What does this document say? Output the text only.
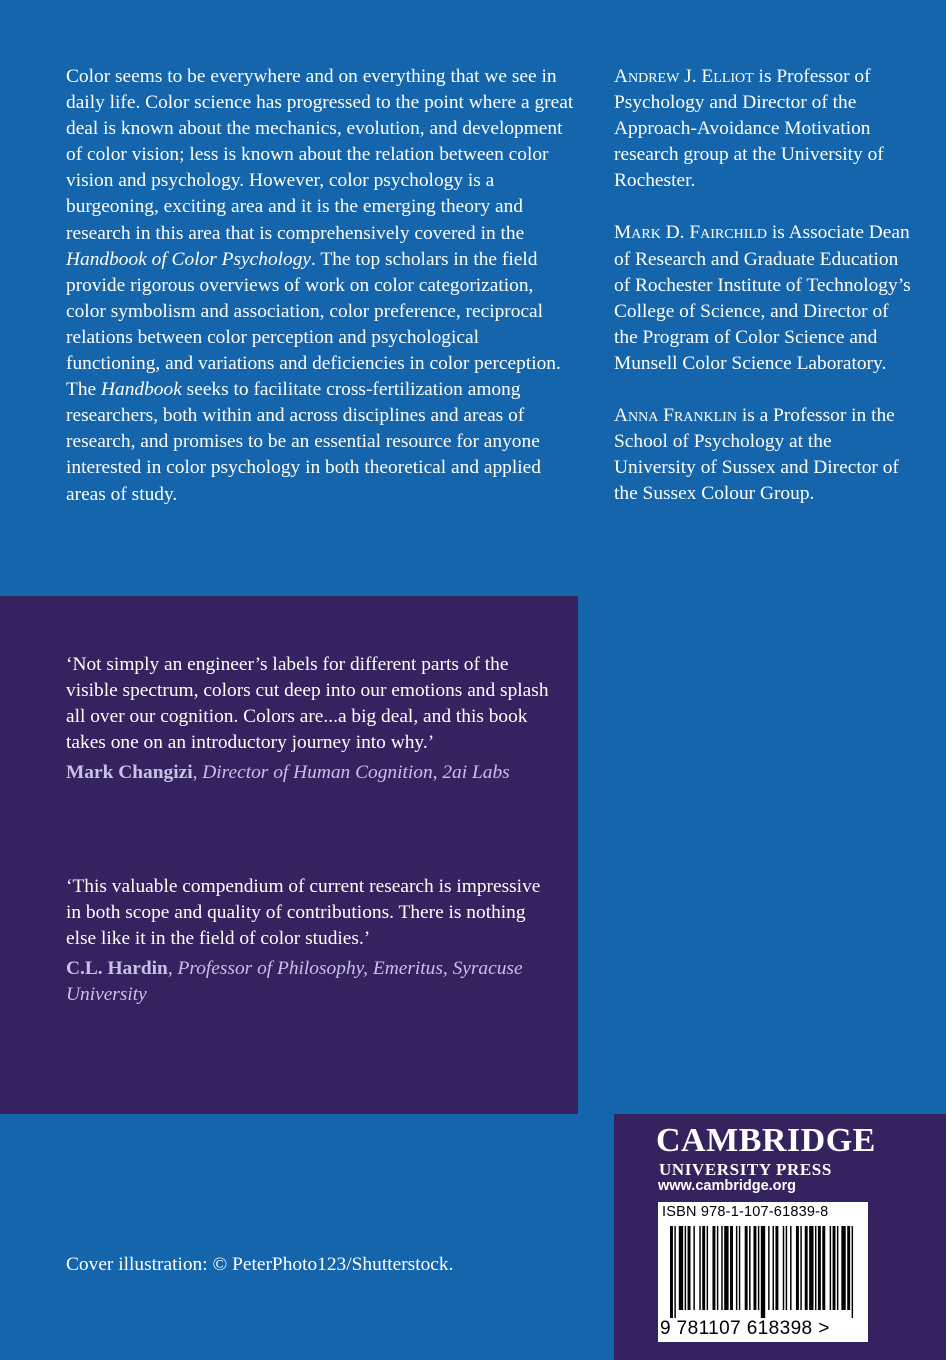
Color seems to be everywhere and on everything that we see in daily life. Color science has progressed to the point where a great deal is known about the mechanics, evolution, and development of color vision; less is known about the relation between color vision and psychology. However, color psychology is a burgeoning, exciting area and it is the emerging theory and research in this area that is comprehensively covered in the Handbook of Color Psychology. The top scholars in the field provide rigorous overviews of work on color categorization, color symbolism and association, color preference, reciprocal relations between color perception and psychological functioning, and variations and deficiencies in color perception. The Handbook seeks to facilitate cross-fertilization among researchers, both within and across disciplines and areas of research, and promises to be an essential resource for anyone interested in color psychology in both theoretical and applied areas of study.

Andrew J. Elliot is Professor of Psychology and Director of the Approach-Avoidance Motivation research group at the University of Rochester.

Mark D. Fairchild is Associate Dean of Research and Graduate Education of Rochester Institute of Technology’s College of Science, and Director of the Program of Color Science and Munsell Color Science Laboratory.

Anna Franklin is a Professor in the School of Psychology at the University of Sussex and Director of the Sussex Colour Group.

‘Not simply an engineer’s labels for different parts of the visible spectrum, colors cut deep into our emotions and splash all over our cognition. Colors are...a big deal, and this book takes one on an introductory journey into why.’

Mark Changizi, Director of Human Cognition, 2ai Labs

‘This valuable compendium of current research is impressive in both scope and quality of contributions. There is nothing else like it in the field of color studies.’

C.L. Hardin, Professor of Philosophy, Emeritus, Syracuse University

Cover illustration: © PeterPhoto123/Shutterstock.

CAMBRIDGE
UNIVERSITY PRESS

www.cambridge.org

ISBN 978-1-107-61839-8

9 781107 618398 >
